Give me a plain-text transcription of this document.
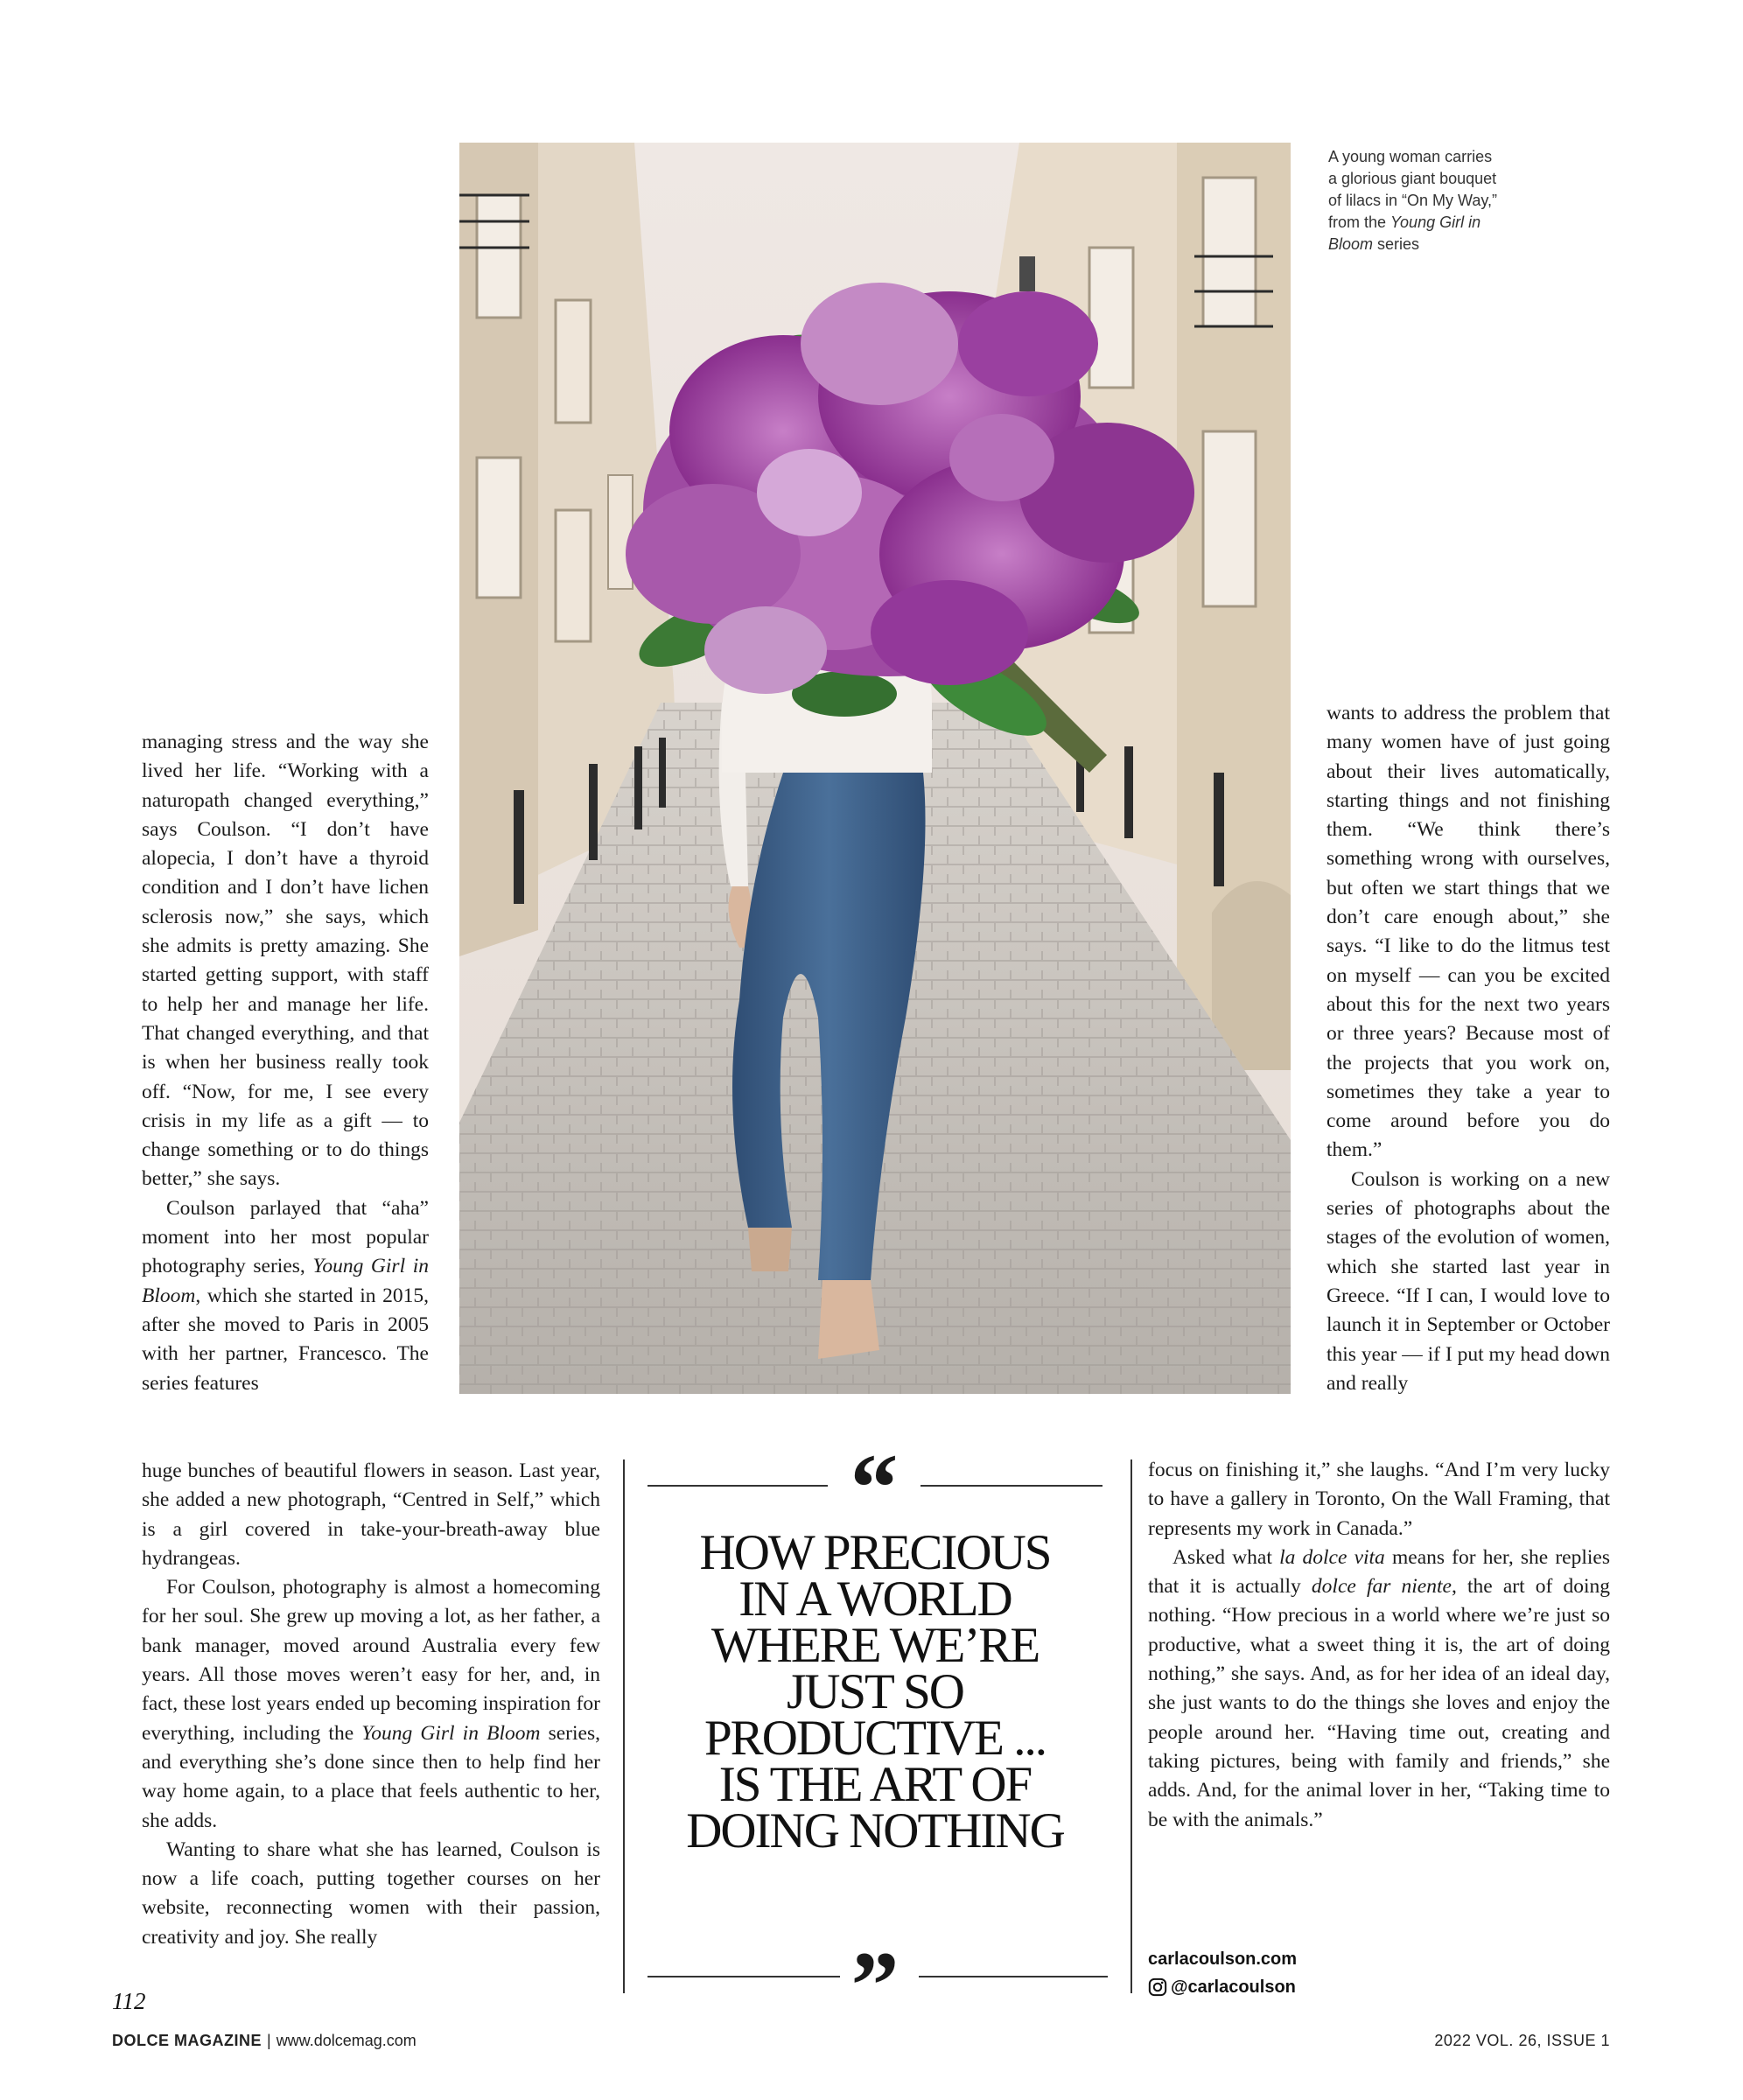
A young woman carries
a glorious giant bouquet
of lilacs in “On My Way,”
from the Young Girl in
Bloom series

managing stress and the way she lived her life. “Working with a naturopath changed everything,” says Coulson. “I don’t have alopecia, I don’t have a thyroid condition and I don’t have lichen sclerosis now,” she says, which she admits is pretty amazing. She started getting support, with staff to help her and manage her life. That changed everything, and that is when her business really took off. “Now, for me, I see every crisis in my life as a gift — to change something or to do things better,” she says.

Coulson parlayed that “aha” moment into her most popular photography series, Young Girl in Bloom, which she started in 2015, after she moved to Paris in 2005 with her partner, Francesco. The series features

huge bunches of beautiful flowers in season. Last year, she added a new photograph, “Centred in Self,” which is a girl covered in take-your-breath-away blue hydrangeas.

For Coulson, photography is almost a homecoming for her soul. She grew up moving a lot, as her father, a bank manager, moved around Australia every few years. All those moves weren’t easy for her, and, in fact, these lost years ended up becoming inspiration for everything, including the Young Girl in Bloom series, and everything she’s done since then to help find her way home again, to a place that feels authentic to her, she adds.

Wanting to share what she has learned, Coulson is now a life coach, putting together courses on her website, reconnecting women with their passion, creativity and joy. She really

wants to address the problem that many women have of just going about their lives automatically, starting things and not finishing them. “We think there’s something wrong with ourselves, but often we start things that we don’t care enough about,” she says. “I like to do the litmus test on myself — can you be excited about this for the next two years or three years? Because most of the projects that you work on, sometimes they take a year to come around before you do them.”

Coulson is working on a new series of photographs about the stages of the evolution of women, which she started last year in Greece. “If I can, I would love to launch it in September or October this year — if I put my head down and really

focus on finishing it,” she laughs. “And I’m very lucky to have a gallery in Toronto, On the Wall Framing, that represents my work in Canada.”

Asked what la dolce vita means for her, she replies that it is actually dolce far niente, the art of doing nothing. “How precious in a world where we’re just so productive, what a sweet thing it is, the art of doing nothing,” she says. And, as for her idea of an ideal day, she just wants to do the things she loves and enjoy the people around her. “Having time out, creating and taking pictures, being with family and friends,” she adds. And, for the animal lover in her, “Taking time to be with the animals.”

“
HOW PRECIOUS
IN A WORLD
WHERE WE’RE
JUST SO
PRODUCTIVE ...
IS THE ART OF
DOING NOTHING
”	carlacoulson.com
@carlacoulson
112
DOLCE MAGAZINE | www.dolcemag.com	2022 VOL. 26, ISSUE 1
